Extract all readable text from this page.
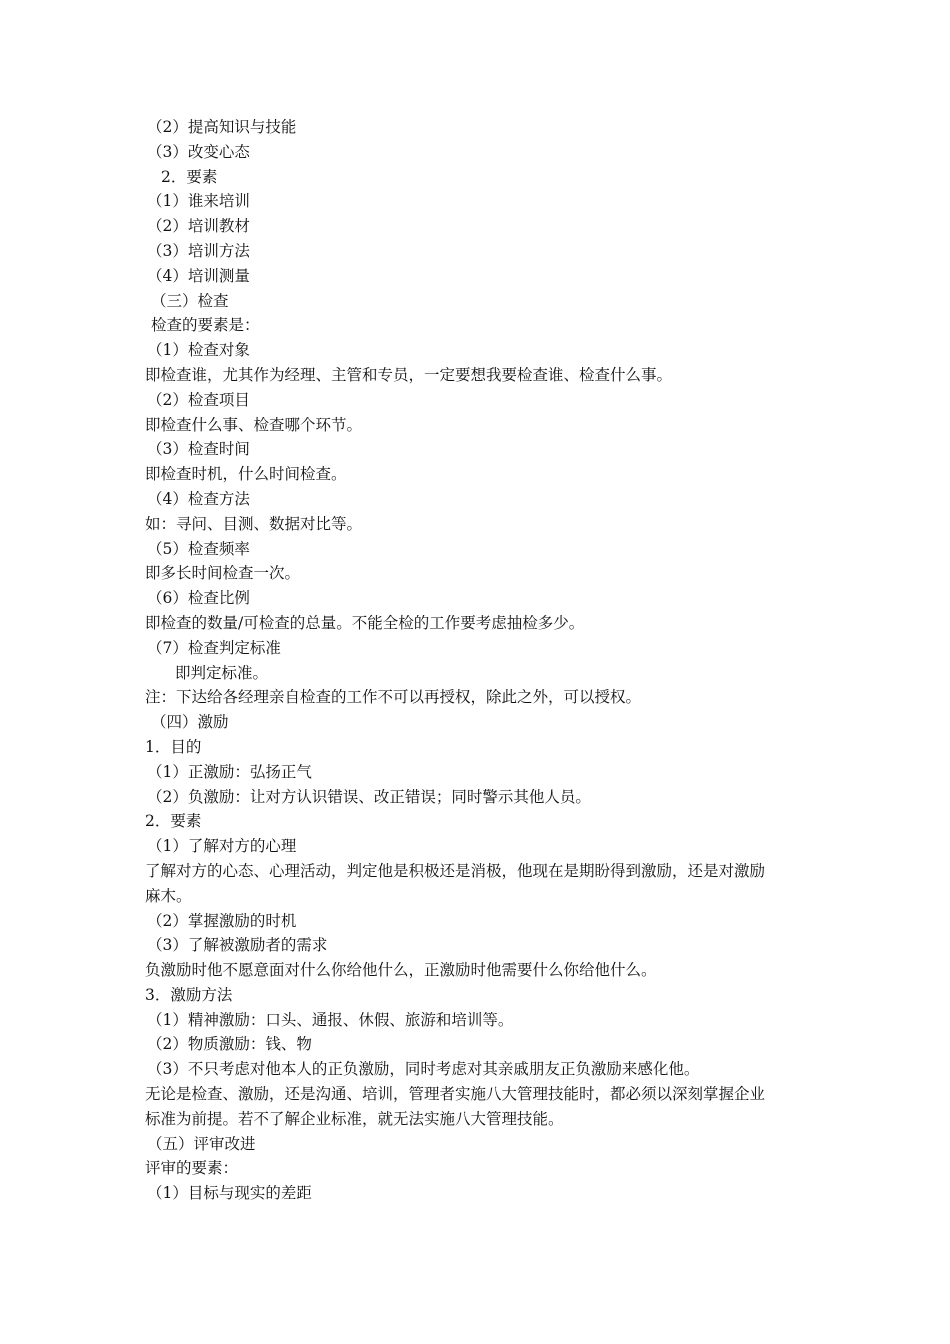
（2）提高知识与技能

（3）改变心态

2．要素

（1）谁来培训

（2）培训教材

（3）培训方法

（4）培训测量

（三）检查

检查的要素是：

（1）检查对象

即检查谁，尤其作为经理、主管和专员，一定要想我要检查谁、检查什么事。

（2）检查项目

即检查什么事、检查哪个环节。

（3）检查时间

即检查时机，什么时间检查。

（4）检查方法

如：寻问、目测、数据对比等。

（5）检查频率

即多长时间检查一次。

（6）检查比例

即检查的数量/可检查的总量。不能全检的工作要考虑抽检多少。

（7）检查判定标准

即判定标准。

注：下达给各经理亲自检查的工作不可以再授权，除此之外，可以授权。

（四）激励

1．目的

（1）正激励：弘扬正气

（2）负激励：让对方认识错误、改正错误；同时警示其他人员。

2．要素

（1）了解对方的心理

了解对方的心态、心理活动，判定他是积极还是消极，他现在是期盼得到激励，还是对激励

麻木。

（2）掌握激励的时机

（3）了解被激励者的需求

负激励时他不愿意面对什么你给他什么，正激励时他需要什么你给他什么。

3．激励方法

（1）精神激励：口头、通报、休假、旅游和培训等。

（2）物质激励：钱、物

（3）不只考虑对他本人的正负激励，同时考虑对其亲戚朋友正负激励来感化他。

无论是检查、激励，还是沟通、培训，管理者实施八大管理技能时，都必须以深刻掌握企业

标准为前提。若不了解企业标准，就无法实施八大管理技能。

（五）评审改进

评审的要素：

（1）目标与现实的差距
